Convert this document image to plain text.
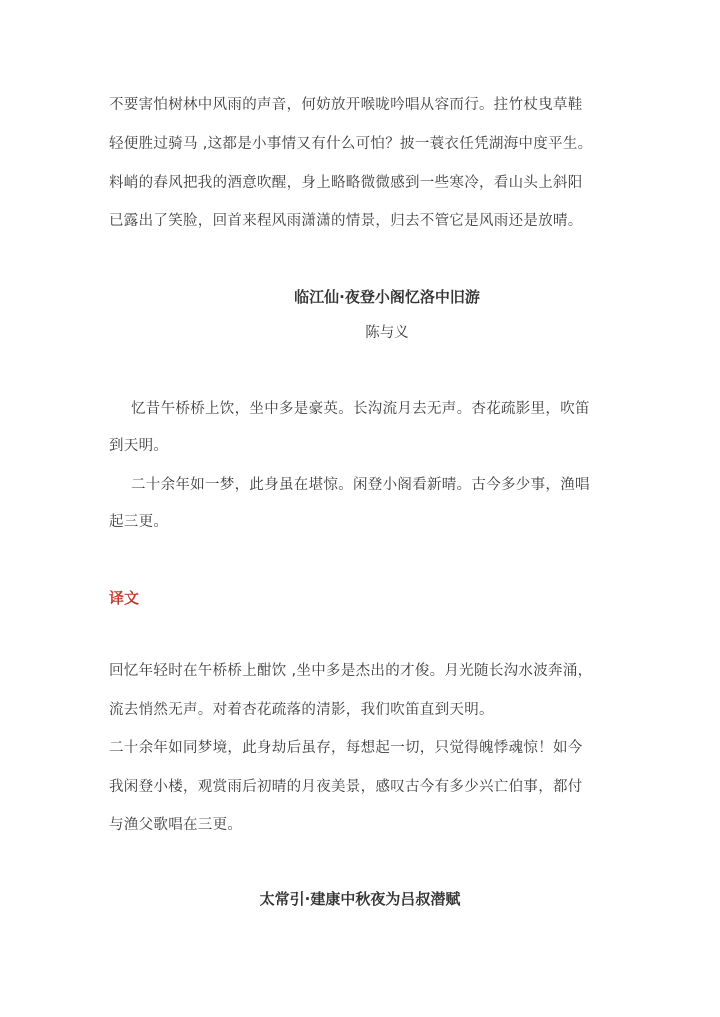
不要害怕树林中风雨的声音，何妨放开喉咙吟唱从容而行。拄竹杖曳草鞋
轻便胜过骑马 ,这都是小事情又有什么可怕？披一蓑衣任凭湖海中度平生。
料峭的春风把我的酒意吹醒，身上略略微微感到一些寒冷，看山头上斜阳
已露出了笑脸，回首来程风雨潇潇的情景，归去不管它是风雨还是放晴。
临江仙·夜登小阁忆洛中旧游
陈与义
忆昔午桥桥上饮，坐中多是豪英。长沟流月去无声。杏花疏影里，吹笛
到天明。
二十余年如一梦，此身虽在堪惊。闲登小阁看新晴。古今多少事，渔唱
起三更。
译文
回忆年轻时在午桥桥上酣饮 ,坐中多是杰出的才俊。月光随长沟水波奔涌，
流去悄然无声。对着杏花疏落的清影，我们吹笛直到天明。
二十余年如同梦境，此身劫后虽存，每想起一切，只觉得魄悸魂惊！如今
我闲登小楼，观赏雨后初晴的月夜美景，感叹古今有多少兴亡伯事，都付
与渔父歌唱在三更。
太常引·建康中秋夜为吕叔潜赋
